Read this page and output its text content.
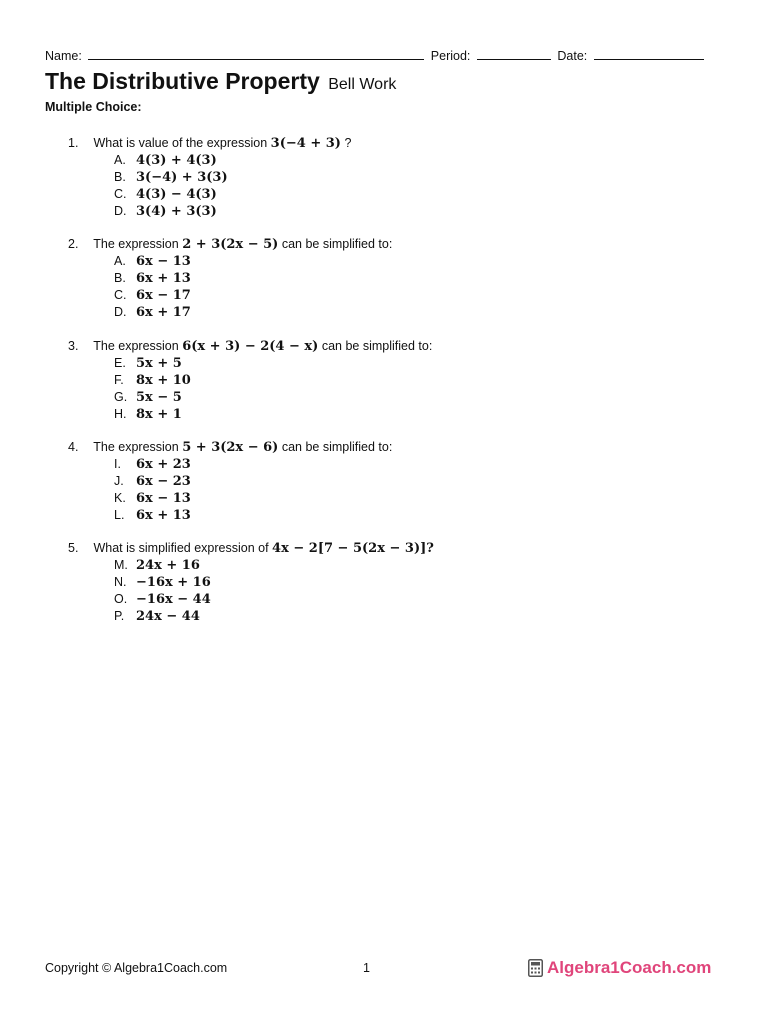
Name:	Period:	Date:
The Distributive Property Bell Work
Multiple Choice:
1. What is value of the expression 3(−4 + 3) ?
A. 4(3) + 4(3)
B. 3(−4) + 3(3)
C. 4(3) − 4(3)
D. 3(4) + 3(3)
2. The expression 2 + 3(2x − 5) can be simplified to:
A. 6x − 13
B. 6x + 13
C. 6x − 17
D. 6x + 17
3. The expression 6(x + 3) − 2(4 − x) can be simplified to:
E. 5x + 5
F. 8x + 10
G. 5x − 5
H. 8x + 1
4. The expression 5 + 3(2x − 6) can be simplified to:
I. 6x + 23
J. 6x − 23
K. 6x − 13
L. 6x + 13
5. What is simplified expression of 4x − 2[7 − 5(2x − 3)]?
M. 24x + 16
N. −16x + 16
O. −16x − 44
P. 24x − 44
Copyright © Algebra1Coach.com	1	Algebra1Coach.com
